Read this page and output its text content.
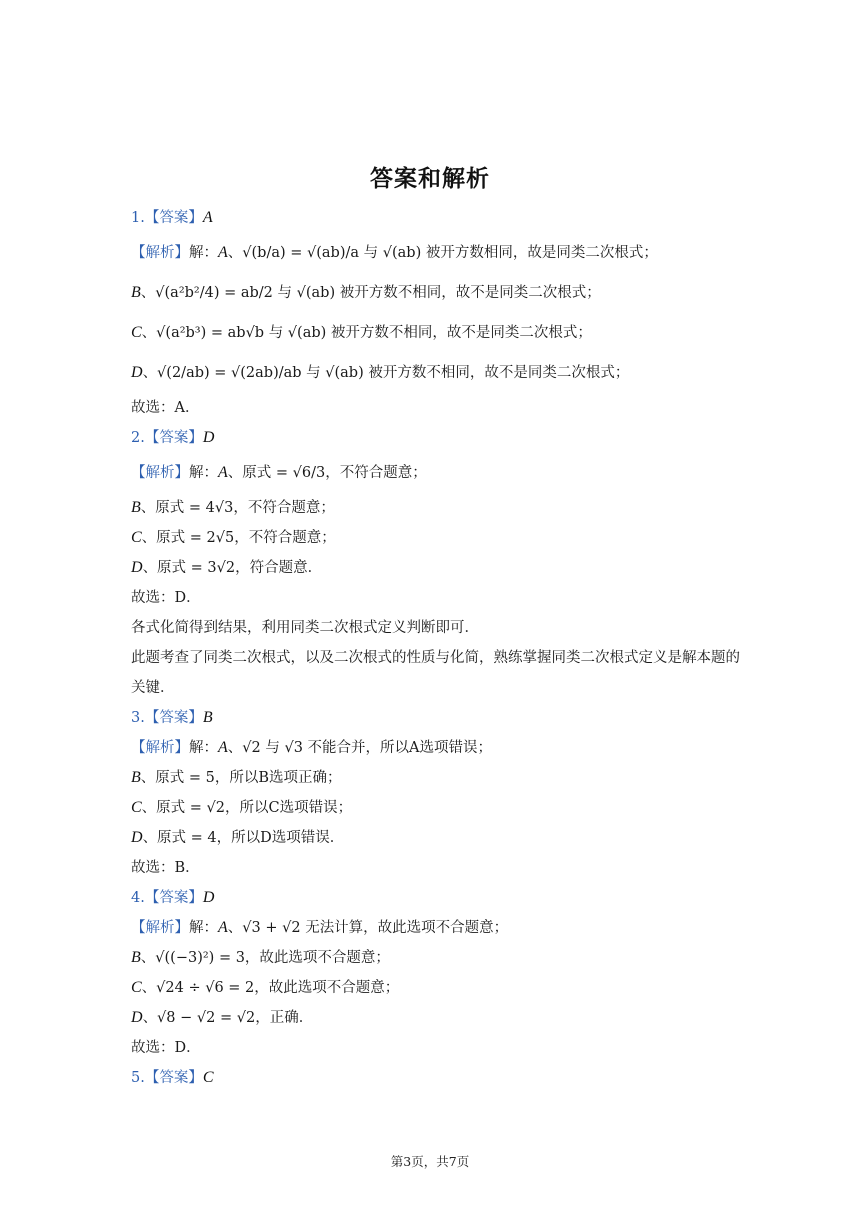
答案和解析
1.【答案】A
【解析】解：A、√(b/a) = √(ab)/a 与 √(ab) 被开方数相同，故是同类二次根式；
B、√(a²b²/4) = ab/2 与 √(ab) 被开方数不相同，故不是同类二次根式；
C、√(a²b³) = ab√b 与 √(ab) 被开方数不相同，故不是同类二次根式；
D、√(2/ab) = √(2ab)/ab 与 √(ab) 被开方数不相同，故不是同类二次根式；
故选：A．
2.【答案】D
【解析】解：A、原式 = √6/3，不符合题意；
B、原式 = 4√3，不符合题意；
C、原式 = 2√5，不符合题意；
D、原式 = 3√2，符合题意．
故选：D．
各式化简得到结果，利用同类二次根式定义判断即可．
此题考查了同类二次根式，以及二次根式的性质与化简，熟练掌握同类二次根式定义是解本题的关键．
3.【答案】B
【解析】解：A、√2 与 √3 不能合并，所以A选项错误；
B、原式 = 5，所以B选项正确；
C、原式 = √2，所以C选项错误；
D、原式 = 4，所以D选项错误．
故选：B．
4.【答案】D
【解析】解：A、√3 + √2 无法计算，故此选项不合题意；
B、√((−3)²) = 3，故此选项不合题意；
C、√24 ÷ √6 = 2，故此选项不合题意；
D、√8 − √2 = √2，正确．
故选：D．
5.【答案】C
第3页，共7页
